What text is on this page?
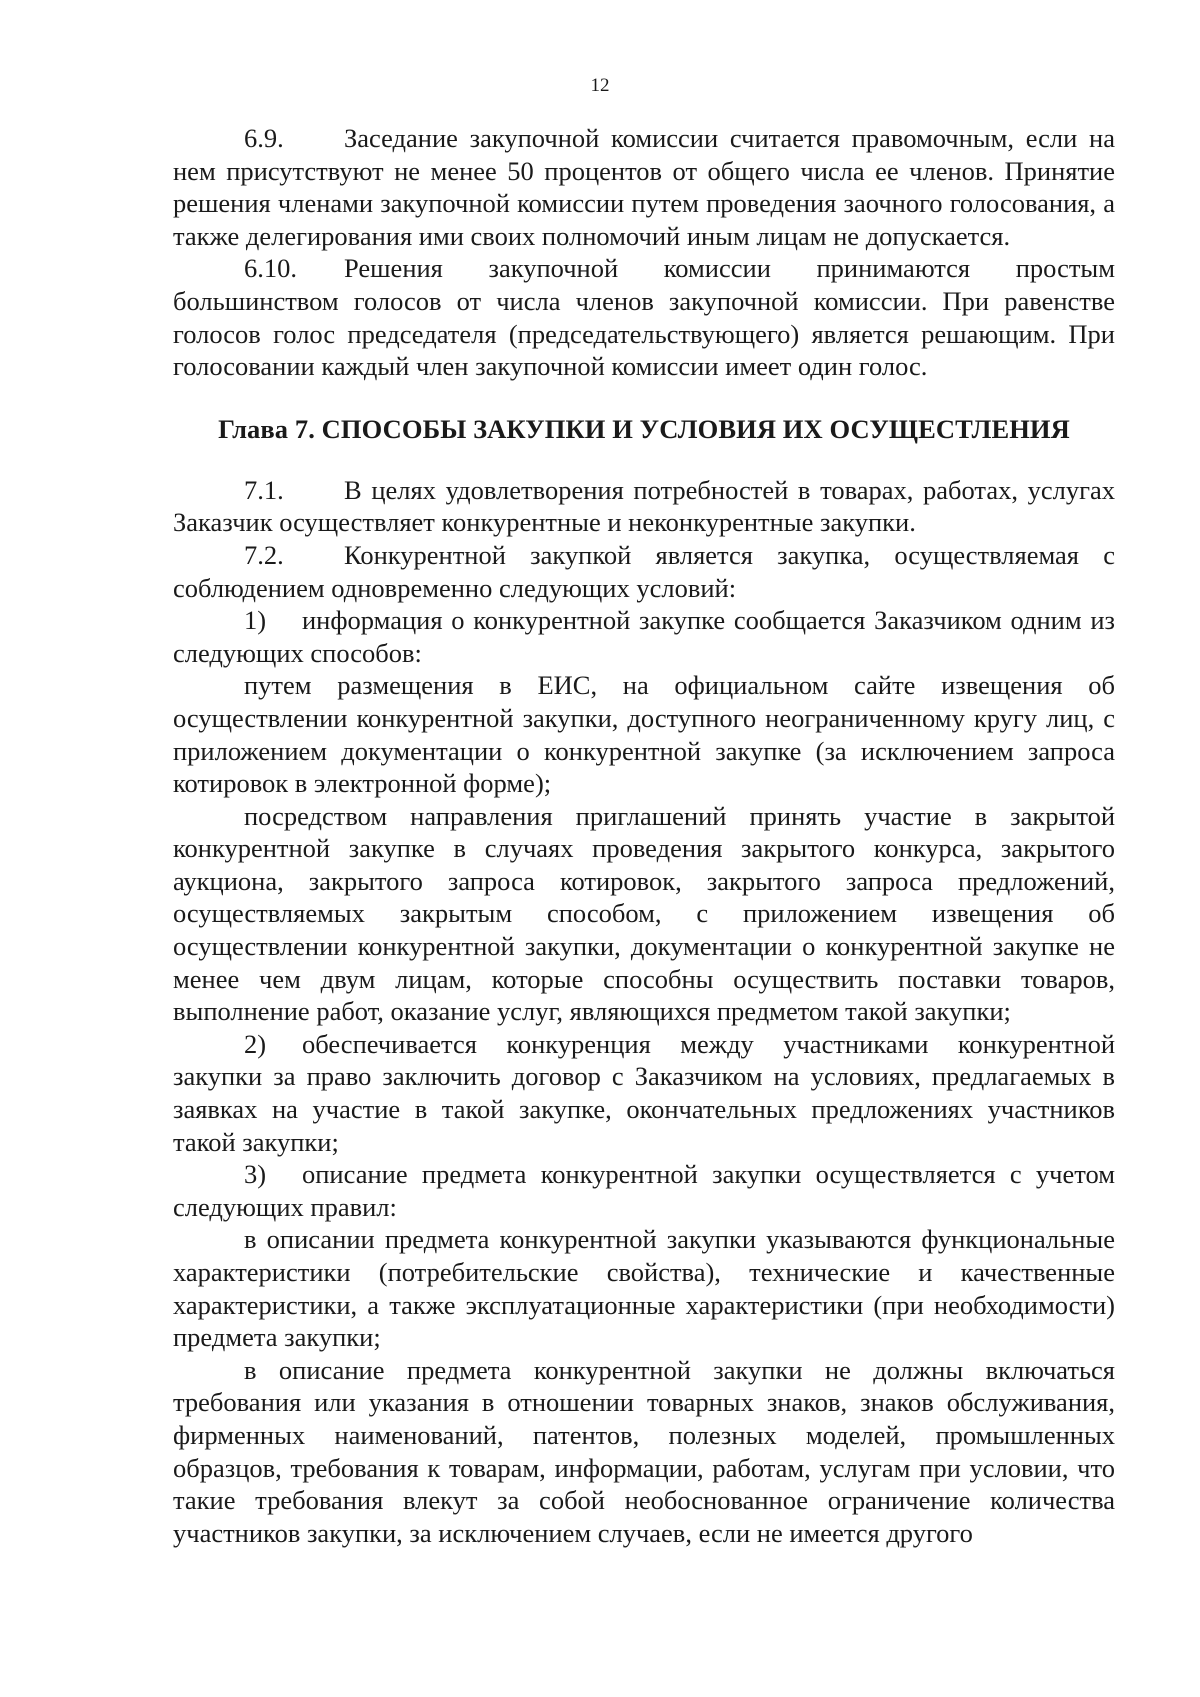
12

6.9. Заседание закупочной комиссии считается правомочным, если на нем присутствуют не менее 50 процентов от общего числа ее членов. Принятие решения членами закупочной комиссии путем проведения заочного голосования, а также делегирования ими своих полномочий иным лицам не допускается.

6.10. Решения закупочной комиссии принимаются простым большинством голосов от числа членов закупочной комиссии. При равенстве голосов голос председателя (председательствующего) является решающим. При голосовании каждый член закупочной комиссии имеет один голос.

Глава 7. СПОСОБЫ ЗАКУПКИ И УСЛОВИЯ ИХ ОСУЩЕСТЛЕНИЯ

7.1. В целях удовлетворения потребностей в товарах, работах, услугах Заказчик осуществляет конкурентные и неконкурентные закупки.

7.2. Конкурентной закупкой является закупка, осуществляемая с соблюдением одновременно следующих условий:

1) информация о конкурентной закупке сообщается Заказчиком одним из следующих способов:

путем размещения в ЕИС, на официальном сайте извещения об осуществлении конкурентной закупки, доступного неограниченному кругу лиц, с приложением документации о конкурентной закупке (за исключением запроса котировок в электронной форме);

посредством направления приглашений принять участие в закрытой конкурентной закупке в случаях проведения закрытого конкурса, закрытого аукциона, закрытого запроса котировок, закрытого запроса предложений, осуществляемых закрытым способом, с приложением извещения об осуществлении конкурентной закупки, документации о конкурентной закупке не менее чем двум лицам, которые способны осуществить поставки товаров, выполнение работ, оказание услуг, являющихся предметом такой закупки;

2) обеспечивается конкуренция между участниками конкурентной закупки за право заключить договор с Заказчиком на условиях, предлагаемых в заявках на участие в такой закупке, окончательных предложениях участников такой закупки;

3) описание предмета конкурентной закупки осуществляется с учетом следующих правил:

в описании предмета конкурентной закупки указываются функциональные характеристики (потребительские свойства), технические и качественные характеристики, а также эксплуатационные характеристики (при необходимости) предмета закупки;

в описание предмета конкурентной закупки не должны включаться требования или указания в отношении товарных знаков, знаков обслуживания, фирменных наименований, патентов, полезных моделей, промышленных образцов, требования к товарам, информации, работам, услугам при условии, что такие требования влекут за собой необоснованное ограничение количества участников закупки, за исключением случаев, если не имеется другого
